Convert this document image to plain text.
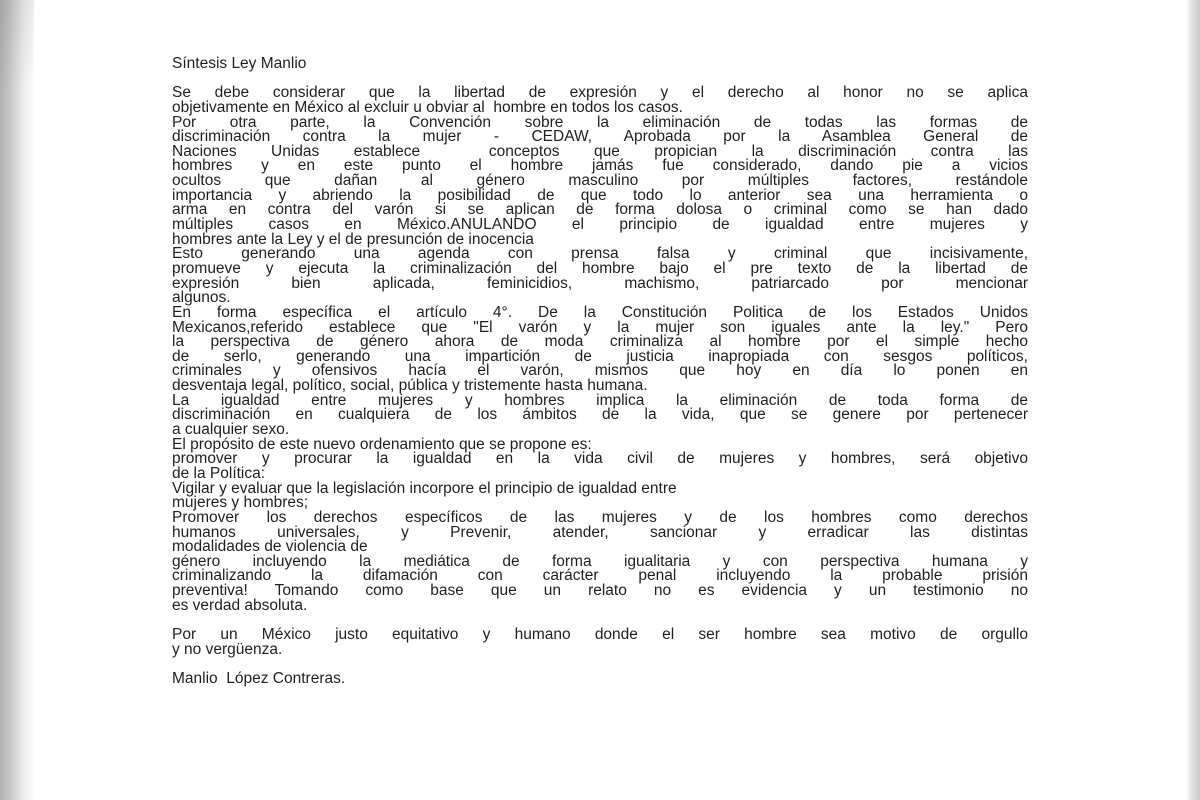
Síntesis Ley Manlio
Se debe considerar que la libertad de expresión y el derecho al honor no se aplica
objetivamente en México al excluir u obviar al  hombre en todos los casos.
Por otra parte, la Convención sobre la eliminación de todas las formas de
discriminación contra la mujer - CEDAW, Aprobada por la Asamblea General de
Naciones Unidas establece  conceptos que propician la discriminación contra las
hombres y en este punto el hombre jamás fue considerado, dando pie a vicios
ocultos que dañan al género masculino por múltiples factores, restándole
importancia y abriendo la posibilidad de que todo lo anterior sea una herramienta o
arma en contra del varón si se aplican de forma dolosa o criminal como se han dado
múltiples casos en México.ANULANDO el principio de igualdad entre mujeres y
hombres ante la Ley y el de presunción de inocencia
Esto generando una agenda con prensa falsa y criminal que incisivamente,
promueve y ejecuta la criminalización del hombre bajo el pre texto de la libertad de
expresión bien aplicada, feminicidios, machismo, patriarcado por mencionar
algunos.
En forma específica el artículo 4°. De la Constitución Politica de los Estados Unidos
Mexicanos,referido establece que "El varón y la mujer son iguales ante la ley." Pero
la perspectiva de género ahora de moda criminaliza al hombre por el simple hecho
de serlo, generando una impartición de justicia inapropiada con sesgos políticos,
criminales y ofensivos hacía el varón, mismos que hoy en día lo ponen en
desventaja legal, político, social, pública y tristemente hasta humana.
La igualdad entre mujeres y hombres implica la eliminación de toda forma de
discriminación en cualquiera de los ámbitos de la vida, que se genere por pertenecer
a cualquier sexo.
El propósito de este nuevo ordenamiento que se propone es:
promover y procurar la igualdad en la vida civil de mujeres y hombres, será objetivo
de la Política:
Vigilar y evaluar que la legislación incorpore el principio de igualdad entre
mujeres y hombres;
Promover los derechos específicos de las mujeres y de los hombres como derechos
humanos universales, y Prevenir, atender, sancionar y erradicar las distintas
modalidades de violencia de
género incluyendo la mediática de forma igualitaria y con perspectiva humana y
criminalizando la difamación con carácter penal incluyendo la probable prisión
preventiva! Tomando como base que un relato no es evidencia y un testimonio no
es verdad absoluta.
Por un México justo equitativo y humano donde el ser hombre sea motivo de orgullo
y no vergüenza.
Manlio  López Contreras.
